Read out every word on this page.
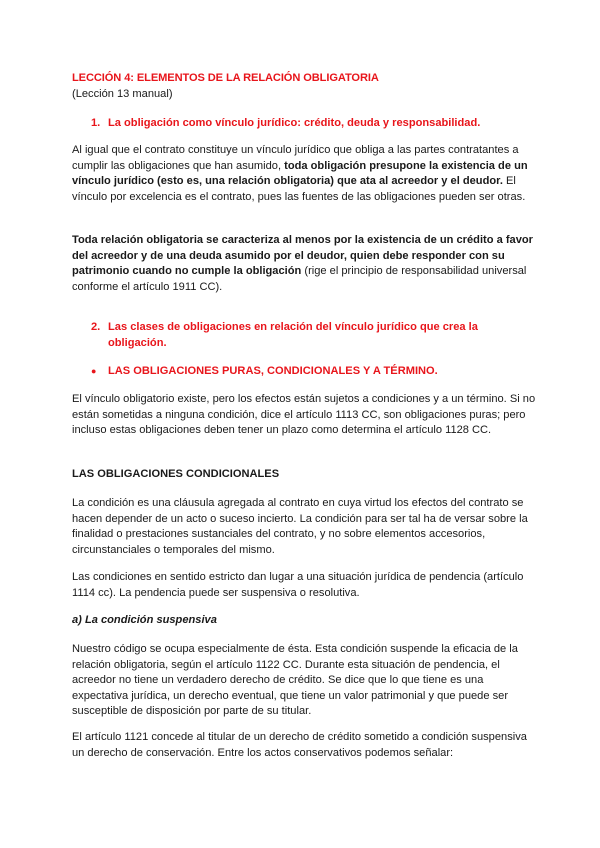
LECCIÓN 4: ELEMENTOS DE LA RELACIÓN OBLIGATORIA

(Lección 13 manual)

1. La obligación como vínculo jurídico: crédito, deuda y responsabilidad.

Al igual que el contrato constituye un vínculo jurídico que obliga a las partes contratantes a cumplir las obligaciones que han asumido, toda obligación presupone la existencia de un vínculo jurídico (esto es, una relación obligatoria) que ata al acreedor y el deudor. El vínculo por excelencia es el contrato, pues las fuentes de las obligaciones pueden ser otras.

Toda relación obligatoria se caracteriza al menos por la existencia de un crédito a favor del acreedor y de una deuda asumido por el deudor, quien debe responder con su patrimonio cuando no cumple la obligación (rige el principio de responsabilidad universal conforme el artículo 1911 CC).

2. Las clases de obligaciones en relación del vínculo jurídico que crea la obligación.

● LAS OBLIGACIONES PURAS, CONDICIONALES Y A TÉRMINO.

El vínculo obligatorio existe, pero los efectos están sujetos a condiciones y a un término. Si no están sometidas a ninguna condición, dice el artículo 1113 CC, son obligaciones puras; pero incluso estas obligaciones deben tener un plazo como determina el artículo 1128 CC.

LAS OBLIGACIONES CONDICIONALES

La condición es una cláusula agregada al contrato en cuya virtud los efectos del contrato se hacen depender de un acto o suceso incierto. La condición para ser tal ha de versar sobre la finalidad o prestaciones sustanciales del contrato, y no sobre elementos accesorios, circunstanciales o temporales del mismo.

Las condiciones en sentido estricto dan lugar a una situación jurídica de pendencia (artículo 1114 cc). La pendencia puede ser suspensiva o resolutiva.

a) La condición suspensiva

Nuestro código se ocupa especialmente de ésta. Esta condición suspende la eficacia de la relación obligatoria, según el artículo 1122 CC. Durante esta situación de pendencia, el acreedor no tiene un verdadero derecho de crédito. Se dice que lo que tiene es una expectativa jurídica, un derecho eventual, que tiene un valor patrimonial y que puede ser susceptible de disposición por parte de su titular.

El artículo 1121 concede al titular de un derecho de crédito sometido a condición suspensiva un derecho de conservación. Entre los actos conservativos podemos señalar:
